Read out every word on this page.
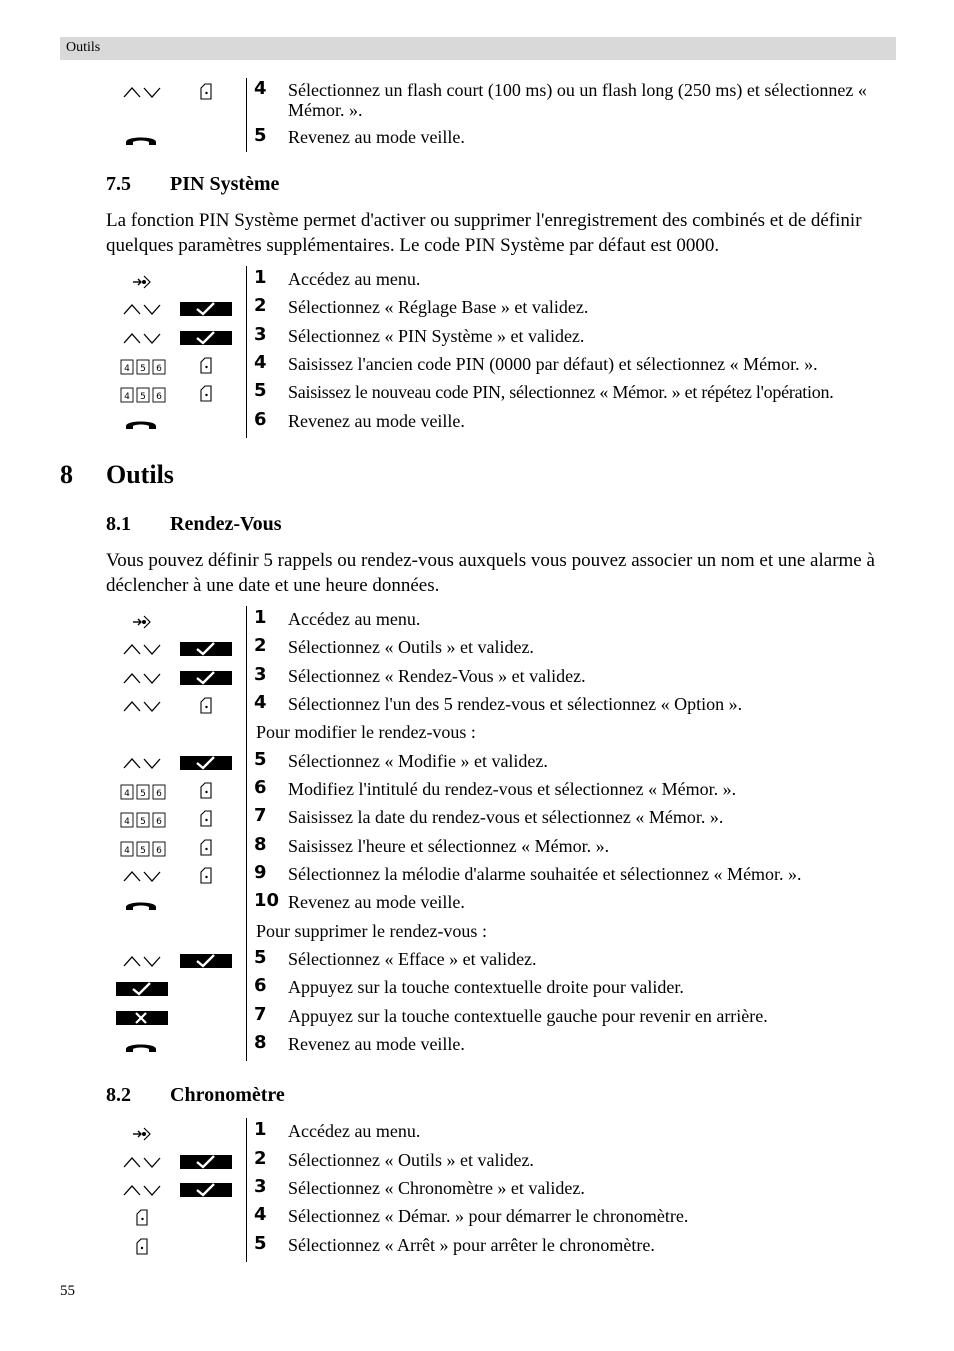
Outils
4 Sélectionnez un flash court (100 ms) ou un flash long (250 ms) et sélectionnez « Mémor. ».
5 Revenez au mode veille.
7.5 PIN Système
La fonction PIN Système permet d'activer ou supprimer l'enregistrement des combinés et de définir quelques paramètres supplémentaires. Le code PIN Système par défaut est 0000.
1 Accédez au menu.
2 Sélectionnez « Réglage Base » et validez.
3 Sélectionnez « PIN Système » et validez.
4 5 6	4 Saisissez l'ancien code PIN (0000 par défaut) et sélectionnez « Mémor. ».
4 5 6	5 Saisissez le nouveau code PIN, sélectionnez « Mémor. » et répétez l'opération.
6 Revenez au mode veille.
8 Outils
8.1 Rendez-Vous
Vous pouvez définir 5 rappels ou rendez-vous auxquels vous pouvez associer un nom et une alarme à déclencher à une date et une heure données.
1 Accédez au menu.
2 Sélectionnez « Outils » et validez.
3 Sélectionnez « Rendez-Vous » et validez.
4 Sélectionnez l'un des 5 rendez-vous et sélectionnez « Option ».
Pour modifier le rendez-vous :
5 Sélectionnez « Modifie » et validez.
4 5 6	6 Modifiez l'intitulé du rendez-vous et sélectionnez « Mémor. ».
4 5 6	7 Saisissez la date du rendez-vous et sélectionnez « Mémor. ».
4 5 6	8 Saisissez l'heure et sélectionnez « Mémor. ».
9 Sélectionnez la mélodie d'alarme souhaitée et sélectionnez « Mémor. ».
10 Revenez au mode veille.
Pour supprimer le rendez-vous :
5 Sélectionnez « Efface » et validez.
6 Appuyez sur la touche contextuelle droite pour valider.
7 Appuyez sur la touche contextuelle gauche pour revenir en arrière.
8 Revenez au mode veille.
8.2 Chronomètre
1 Accédez au menu.
2 Sélectionnez « Outils » et validez.
3 Sélectionnez « Chronomètre » et validez.
4 Sélectionnez « Démar. » pour démarrer le chronomètre.
5 Sélectionnez « Arrêt » pour arrêter le chronomètre.
55
